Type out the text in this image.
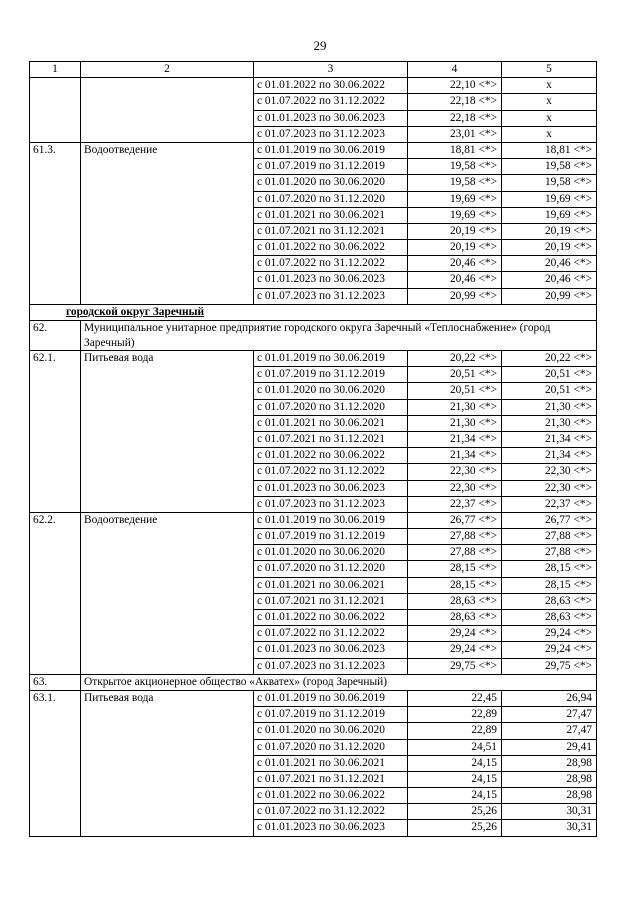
29
1	2	3	4	5
		с 01.01.2022 по 30.06.2022	22,10 <*>	x
		с 01.07.2022 по 31.12.2022	22,18 <*>	x
		с 01.01.2023 по 30.06.2023	22,18 <*>	x
		с 01.07.2023 по 31.12.2023	23,01 <*>	x
61.3.	Водоотведение	с 01.01.2019 по 30.06.2019	18,81 <*>	18,81 <*>
		с 01.07.2019 по 31.12.2019	19,58 <*>	19,58 <*>
		с 01.01.2020 по 30.06.2020	19,58 <*>	19,58 <*>
		с 01.07.2020 по 31.12.2020	19,69 <*>	19,69 <*>
		с 01.01.2021 по 30.06.2021	19,69 <*>	19,69 <*>
		с 01.07.2021 по 31.12.2021	20,19 <*>	20,19 <*>
		с 01.01.2022 по 30.06.2022	20,19 <*>	20,19 <*>
		с 01.07.2022 по 31.12.2022	20,46 <*>	20,46 <*>
		с 01.01.2023 по 30.06.2023	20,46 <*>	20,46 <*>
		с 01.07.2023 по 31.12.2023	20,99 <*>	20,99 <*>
городской округ Заречный				
62.	Муниципальное унитарное предприятие городского округа Заречный «Теплоснабжение» (город Заречный)			
62.1.	Питьевая вода	с 01.01.2019 по 30.06.2019	20,22 <*>	20,22 <*>
		с 01.07.2019 по 31.12.2019	20,51 <*>	20,51 <*>
		с 01.01.2020 по 30.06.2020	20,51 <*>	20,51 <*>
		с 01.07.2020 по 31.12.2020	21,30 <*>	21,30 <*>
		с 01.01.2021 по 30.06.2021	21,30 <*>	21,30 <*>
		с 01.07.2021 по 31.12.2021	21,34 <*>	21,34 <*>
		с 01.01.2022 по 30.06.2022	21,34 <*>	21,34 <*>
		с 01.07.2022 по 31.12.2022	22,30 <*>	22,30 <*>
		с 01.01.2023 по 30.06.2023	22,30 <*>	22,30 <*>
		с 01.07.2023 по 31.12.2023	22,37 <*>	22,37 <*>
62.2.	Водоотведение	с 01.01.2019 по 30.06.2019	26,77 <*>	26,77 <*>
		с 01.07.2019 по 31.12.2019	27,88 <*>	27,88 <*>
		с 01.01.2020 по 30.06.2020	27,88 <*>	27,88 <*>
		с 01.07.2020 по 31.12.2020	28,15 <*>	28,15 <*>
		с 01.01.2021 по 30.06.2021	28,15 <*>	28,15 <*>
		с 01.07.2021 по 31.12.2021	28,63 <*>	28,63 <*>
		с 01.01.2022 по 30.06.2022	28,63 <*>	28,63 <*>
		с 01.07.2022 по 31.12.2022	29,24 <*>	29,24 <*>
		с 01.01.2023 по 30.06.2023	29,24 <*>	29,24 <*>
		с 01.07.2023 по 31.12.2023	29,75 <*>	29,75 <*>
63.	Открытое акционерное общество «Акватех» (город Заречный)			
63.1.	Питьевая вода	с 01.01.2019 по 30.06.2019	22,45	26,94
		с 01.07.2019 по 31.12.2019	22,89	27,47
		с 01.01.2020 по 30.06.2020	22,89	27,47
		с 01.07.2020 по 31.12.2020	24,51	29,41
		с 01.01.2021 по 30.06.2021	24,15	28,98
		с 01.07.2021 по 31.12.2021	24,15	28,98
		с 01.01.2022 по 30.06.2022	24,15	28,98
		с 01.07.2022 по 31.12.2022	25,26	30,31
		с 01.01.2023 по 30.06.2023	25,26	30,31
